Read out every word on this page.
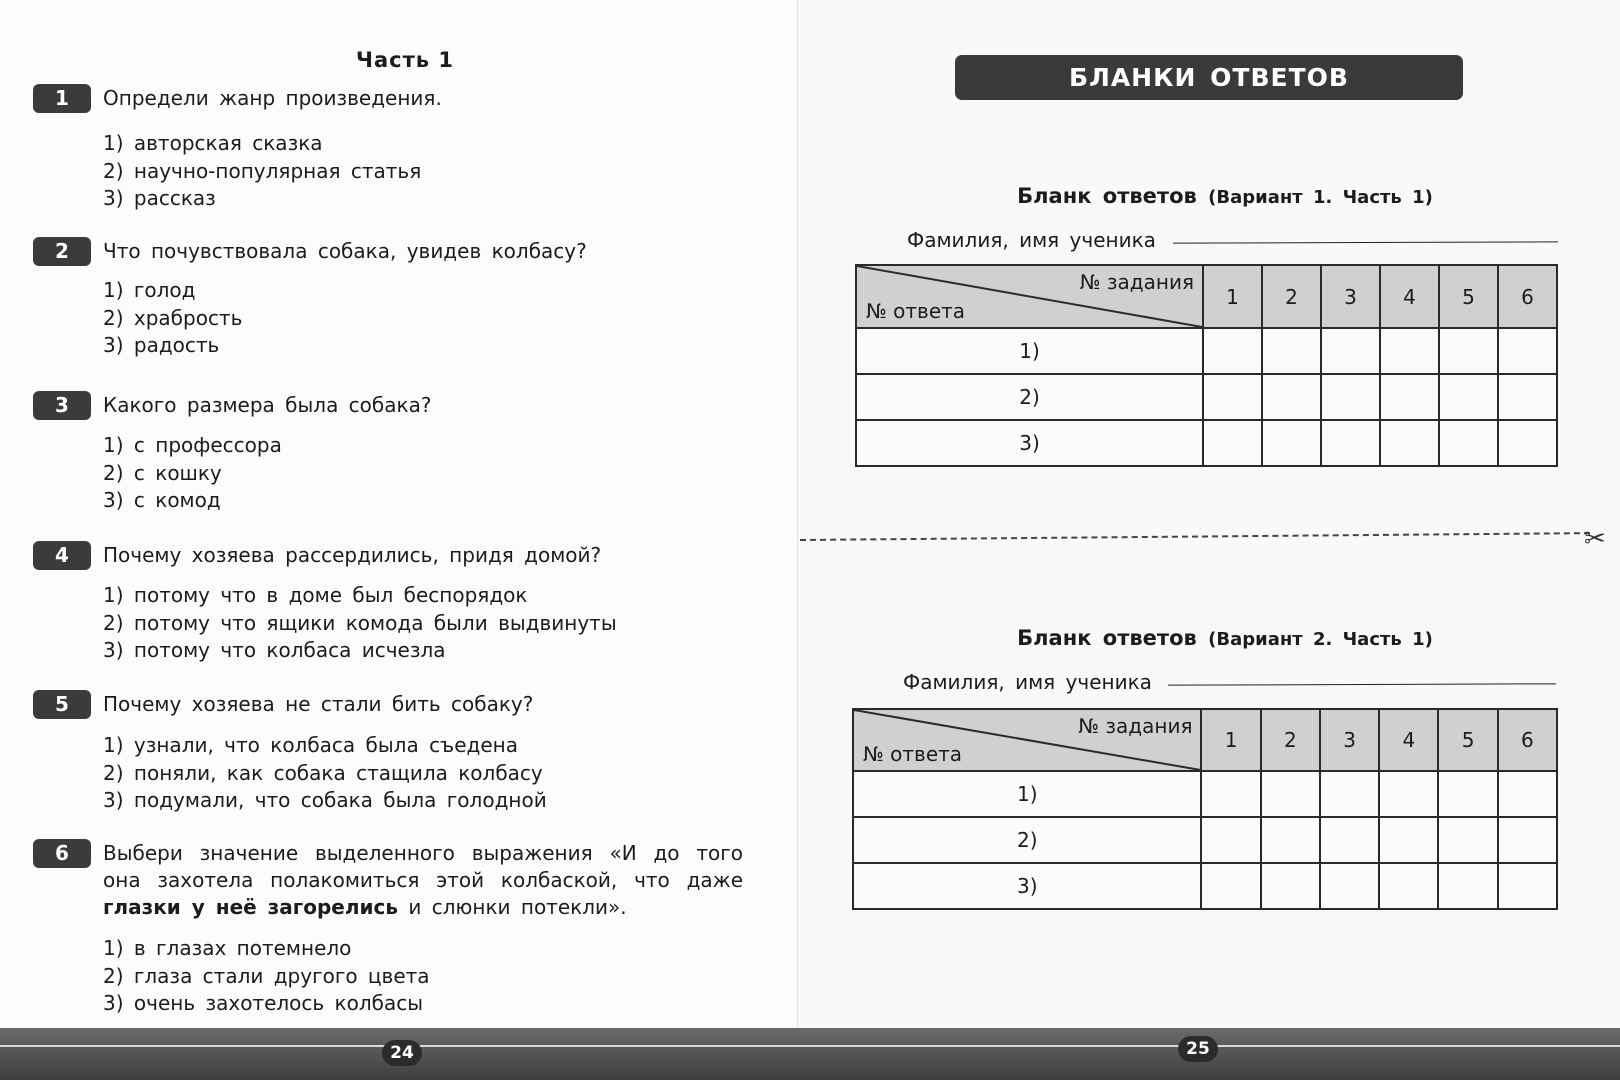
Часть 1
1	Определи жанр произведения.
1) авторская сказка
2) научно-популярная статья
3) рассказ
2	Что почувствовала собака, увидев колбасу?
1) голод
2) храбрость
3) радость
3	Какого размера была собака?
1) с профессора
2) с кошку
3) с комод
4	Почему хозяева рассердились, придя домой?
1) потому что в доме был беспорядок
2) потому что ящики комода были выдвинуты
3) потому что колбаса исчезла
5	Почему хозяева не стали бить собаку?
1) узнали, что колбаса была съедена
2) поняли, как собака стащила колбасу
3) подумали, что собака была голодной
6	Выбери значение выделенного выражения «И до того она захотела полакомиться этой колбаской, что даже глазки у неё загорелись и слюнки потекли».
1) в глазах потемнело
2) глаза стали другого цвета
3) очень захотелось колбасы
БЛАНКИ ОТВЕТОВ
Бланк ответов (Вариант 1. Часть 1)
Фамилия, имя ученика
№ задания
№ ответа	1	2	3	4	5	6
1)						
2)						
3)						
✂
Бланк ответов (Вариант 2. Часть 1)
Фамилия, имя ученика
№ задания
№ ответа	1	2	3	4	5	6
1)						
2)						
3)						
24	25
